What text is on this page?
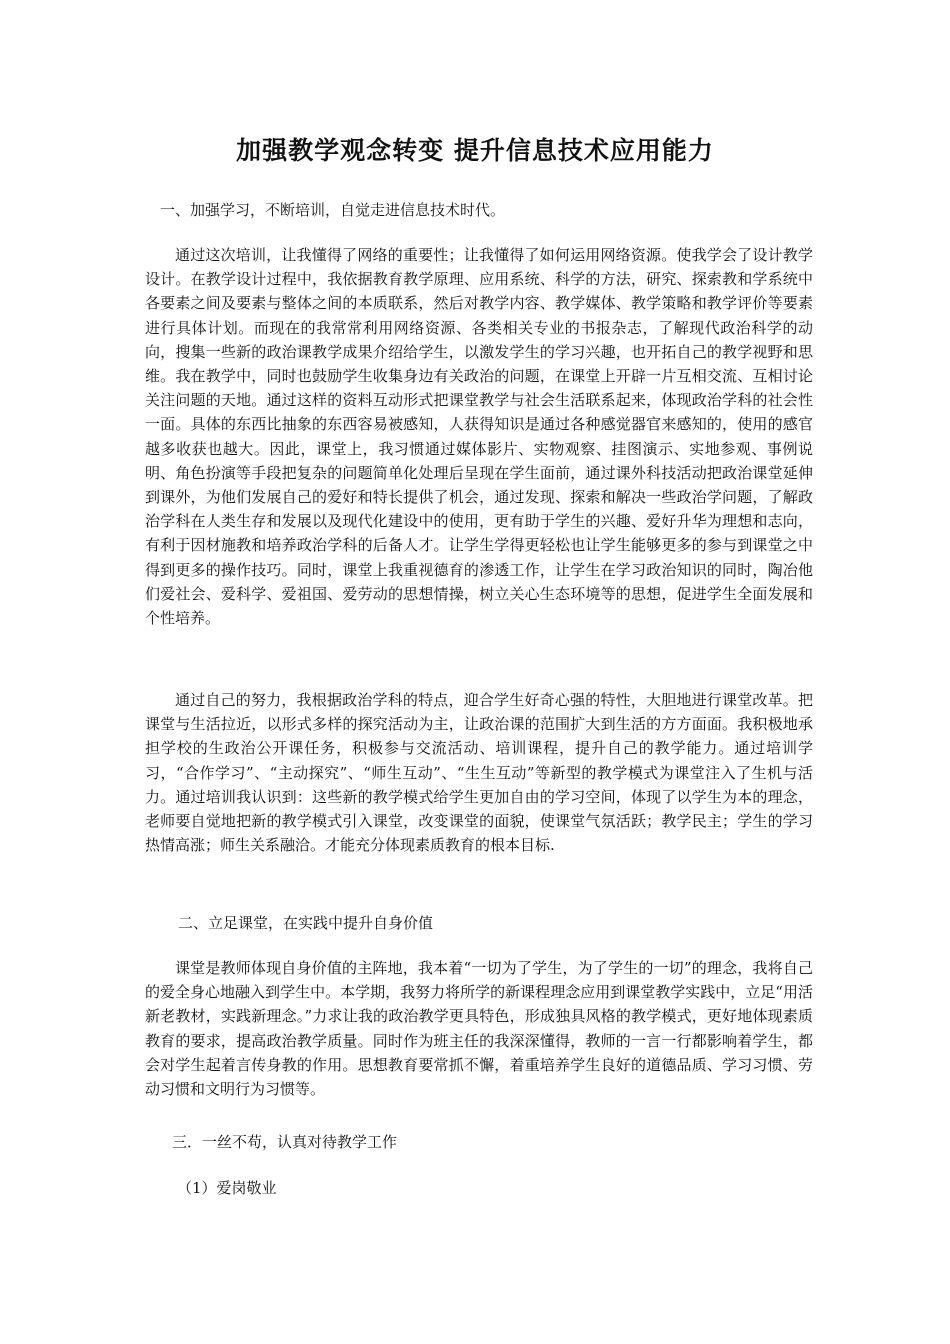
加强教学观念转变 提升信息技术应用能力
一、加强学习，不断培训，自觉走进信息技术时代。
通过这次培训，让我懂得了网络的重要性；让我懂得了如何运用网络资源。使我学会了设计教学设计。在教学设计过程中，我依据教育教学原理、应用系统、科学的方法，研究、探索教和学系统中各要素之间及要素与整体之间的本质联系，然后对教学内容、教学媒体、教学策略和教学评价等要素进行具体计划。而现在的我常常利用网络资源、各类相关专业的书报杂志，了解现代政治科学的动向，搜集一些新的政治课教学成果介绍给学生，以激发学生的学习兴趣，也开拓自己的教学视野和思维。我在教学中，同时也鼓励学生收集身边有关政治的问题，在课堂上开辟一片互相交流、互相讨论关注问题的天地。通过这样的资料互动形式把课堂教学与社会生活联系起来，体现政治学科的社会性一面。具体的东西比抽象的东西容易被感知，人获得知识是通过各种感觉器官来感知的，使用的感官越多收获也越大。因此，课堂上，我习惯通过媒体影片、实物观察、挂图演示、实地参观、事例说明、角色扮演等手段把复杂的问题简单化处理后呈现在学生面前，通过课外科技活动把政治课堂延伸到课外，为他们发展自己的爱好和特长提供了机会，通过发现、探索和解决一些政治学问题，了解政治学科在人类生存和发展以及现代化建设中的使用，更有助于学生的兴趣、爱好升华为理想和志向，有利于因材施教和培养政治学科的后备人才。让学生学得更轻松也让学生能够更多的参与到课堂之中得到更多的操作技巧。同时，课堂上我重视德育的渗透工作，让学生在学习政治知识的同时，陶冶他们爱社会、爱科学、爱祖国、爱劳动的思想情操，树立关心生态环境等的思想，促进学生全面发展和个性培养。
通过自己的努力，我根据政治学科的特点，迎合学生好奇心强的特性，大胆地进行课堂改革。把课堂与生活拉近，以形式多样的探究活动为主，让政治课的范围扩大到生活的方方面面。我积极地承担学校的生政治公开课任务，积极参与交流活动、培训课程，提升自己的教学能力。通过培训学习，“合作学习”、“主动探究”、“师生互动”、“生生互动”等新型的教学模式为课堂注入了生机与活力。通过培训我认识到：这些新的教学模式给学生更加自由的学习空间，体现了以学生为本的理念，老师要自觉地把新的教学模式引入课堂，改变课堂的面貌，使课堂气氛活跃；教学民主；学生的学习热情高涨；师生关系融洽。才能充分体现素质教育的根本目标.
二、立足课堂，在实践中提升自身价值
课堂是教师体现自身价值的主阵地，我本着“一切为了学生，为了学生的一切”的理念，我将自己的爱全身心地融入到学生中。本学期，我努力将所学的新课程理念应用到课堂教学实践中，立足“用活新老教材，实践新理念。”力求让我的政治教学更具特色，形成独具风格的教学模式，更好地体现素质教育的要求，提高政治教学质量。同时作为班主任的我深深懂得，教师的一言一行都影响着学生，都会对学生起着言传身教的作用。思想教育要常抓不懈，着重培养学生良好的道德品质、学习习惯、劳动习惯和文明行为习惯等。
三．一丝不苟，认真对待教学工作
（1）爱岗敬业
